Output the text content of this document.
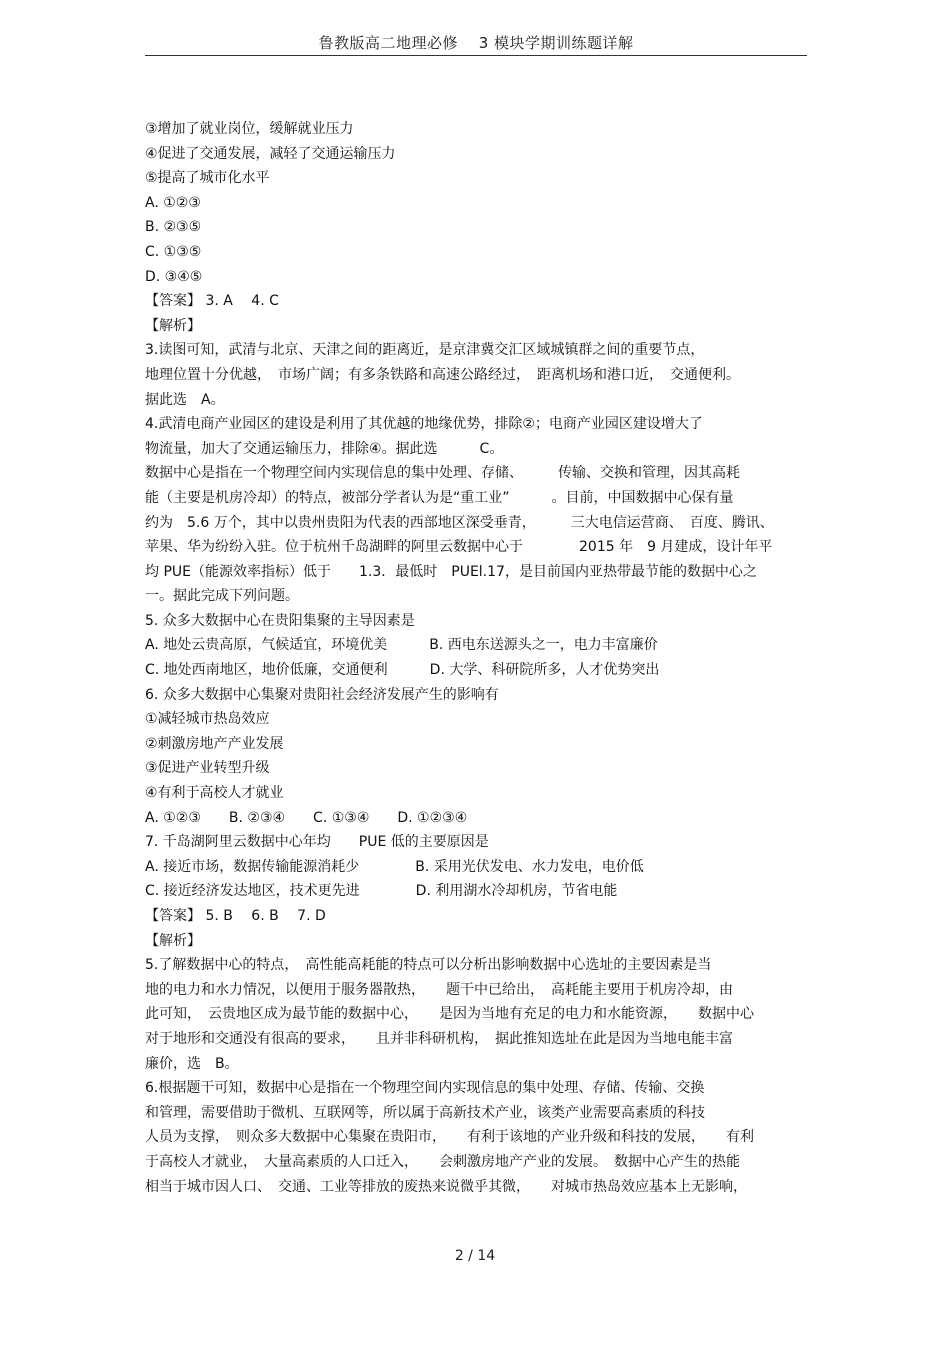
鲁教版高二地理必修　 3 模块学期训练题详解
③增加了就业岗位，缓解就业压力
④促进了交通发展，减轻了交通运输压力
⑤提高了城市化水平
A. ①②③
B. ②③⑤
C. ①③⑤
D. ③④⑤
【答案】 3. A 　4. C
【解析】
3.读图可知，武清与北京、天津之间的距离近，是京津冀交汇区域城镇群之间的重要节点，
地理位置十分优越，　市场广阔；有多条铁路和高速公路经过，　距离机场和港口近，　交通便利。
据此选　A。
4.武清电商产业园区的建设是利用了其优越的地缘优势，排除②；电商产业园区建设增大了
物流量，加大了交通运输压力，排除④。据此选　　　C。
数据中心是指在一个物理空间内实现信息的集中处理、存储、　　　传输、交换和管理，因其高耗
能（主要是机房冷却）的特点，被部分学者认为是“重工业”　　　。目前，中国数据中心保有量
约为　5.6 万个，其中以贵州贵阳为代表的西部地区深受垂青，　　　三大电信运营商、　百度、腾讯、
苹果、华为纷纷入驻。位于杭州千岛湖畔的阿里云数据中心于　　　　2015 年　9 月建成，设计年平
均 PUE（能源效率指标）低于　　1.3．最低时　PUEl.17，是目前国内亚热带最节能的数据中心之
一。据此完成下列问题。
5. 众多大数据中心在贵阳集聚的主导因素是
A. 地处云贵高原，气候适宜，环境优美　　　B. 西电东送源头之一，电力丰富廉价
C. 地处西南地区，地价低廉，交通便利　　　D. 大学、科研院所多，人才优势突出
6. 众多大数据中心集聚对贵阳社会经济发展产生的影响有
①减轻城市热岛效应
②刺激房地产产业发展
③促进产业转型升级
④有利于高校人才就业
A. ①②③　　B. ②③④　　C. ①③④　　D. ①②③④
7. 千岛湖阿里云数据中心年均　　PUE 低的主要原因是
A. 接近市场，数据传输能源消耗少　　　　B. 采用光伏发电、水力发电，电价低
C. 接近经济发达地区，技术更先进　　　　D. 利用湖水冷却机房，节省电能
【答案】 5. B 　6. B 　7. D
【解析】
5.了解数据中心的特点，　高性能高耗能的特点可以分析出影响数据中心选址的主要因素是当
地的电力和水力情况，以便用于服务器散热，　　题干中已给出，　高耗能主要用于机房冷却，由
此可知，　云贵地区成为最节能的数据中心，　　是因为当地有充足的电力和水能资源，　　数据中心
对于地形和交通没有很高的要求，　　且并非科研机构，　据此推知选址在此是因为当地电能丰富
廉价，选　B。
6.根据题干可知，数据中心是指在一个物理空间内实现信息的集中处理、存储、传输、交换
和管理，需要借助于微机、互联网等，所以属于高新技术产业，该类产业需要高素质的科技
人员为支撑，　则众多大数据中心集聚在贵阳市，　　有利于该地的产业升级和科技的发展，　　有利
于高校人才就业，　大量高素质的人口迁入，　　会刺激房地产产业的发展。　数据中心产生的热能
相当于城市因人口、　交通、工业等排放的废热来说微乎其微，　　对城市热岛效应基本上无影响，
2 / 14
